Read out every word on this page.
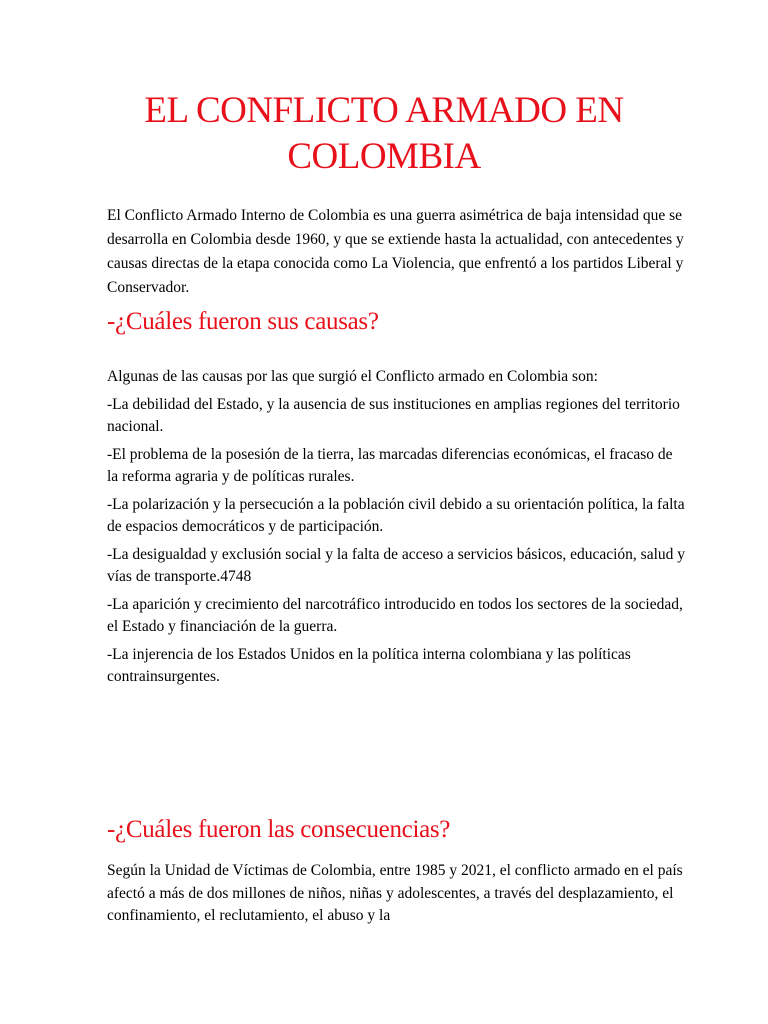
EL CONFLICTO ARMADO EN COLOMBIA

El Conflicto Armado Interno de Colombia es una guerra asimétrica de baja intensidad que se desarrolla en Colombia desde 1960, y que se extiende hasta la actualidad, con antecedentes y causas directas de la etapa conocida como La Violencia, que enfrentó a los partidos Liberal y Conservador.

-¿Cuáles fueron sus causas?

Algunas de las causas por las que surgió el Conflicto armado en Colombia son:

-La debilidad del Estado, y la ausencia de sus instituciones en amplias regiones del territorio nacional.

-El problema de la posesión de la tierra, las marcadas diferencias económicas, el fracaso de la reforma agraria y de políticas rurales.

-La polarización y la persecución a la población civil debido a su orientación política, la falta de espacios democráticos y de participación.

-La desigualdad y exclusión social y la falta de acceso a servicios básicos, educación, salud y vías de transporte.4748

-La aparición y crecimiento del narcotráfico introducido en todos los sectores de la sociedad, el Estado y financiación de la guerra.

-La injerencia de los Estados Unidos en la política interna colombiana y las políticas contrainsurgentes.

-¿Cuáles fueron las consecuencias?

Según la Unidad de Víctimas de Colombia, entre 1985 y 2021, el conflicto armado en el país afectó a más de dos millones de niños, niñas y adolescentes, a través del desplazamiento, el confinamiento, el reclutamiento, el abuso y la
